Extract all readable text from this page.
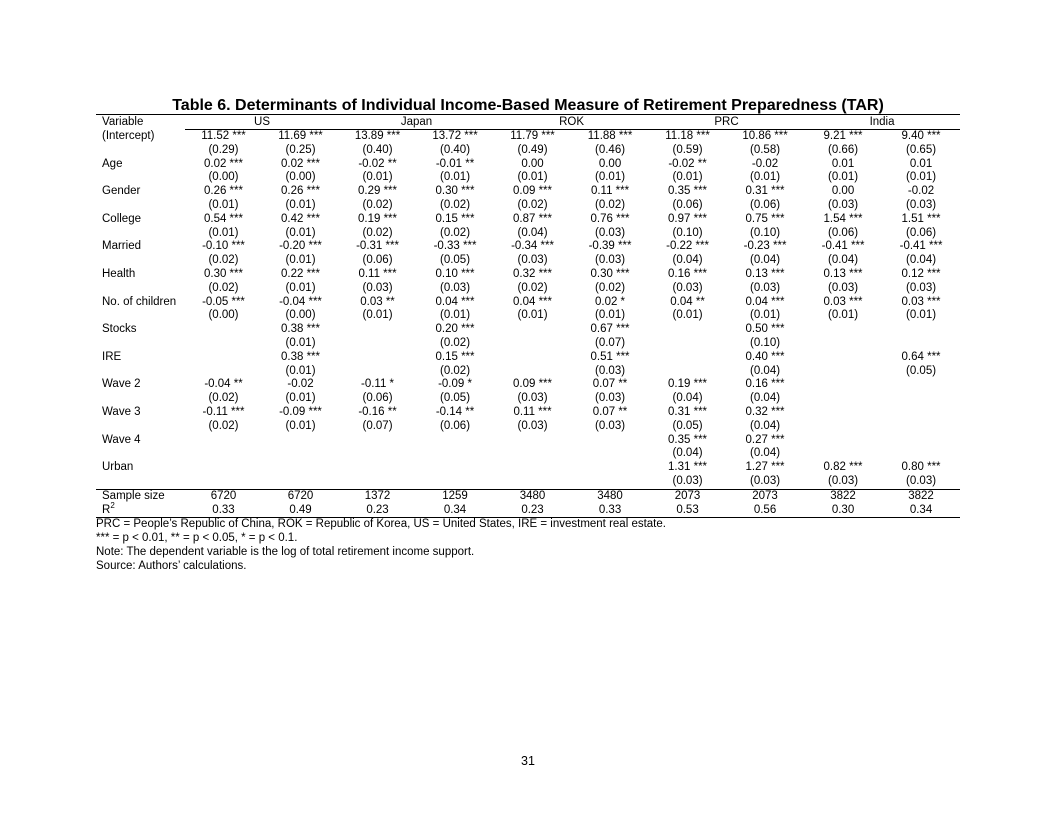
Table 6. Determinants of Individual Income-Based Measure of Retirement Preparedness (TAR)
Variable	US		Japan		ROK		PRC		India	
(Intercept)	11.52 ***	11.69 ***	13.89 ***	13.72 ***	11.79 ***	11.88 ***	11.18 ***	10.86 ***	9.21 ***	9.40 ***
	(0.29)	(0.25)	(0.40)	(0.40)	(0.49)	(0.46)	(0.59)	(0.58)	(0.66)	(0.65)
Age	0.02 ***	0.02 ***	-0.02 **	-0.01 **	0.00	0.00	-0.02 **	-0.02	0.01	0.01
	(0.00)	(0.00)	(0.01)	(0.01)	(0.01)	(0.01)	(0.01)	(0.01)	(0.01)	(0.01)
Gender	0.26 ***	0.26 ***	0.29 ***	0.30 ***	0.09 ***	0.11 ***	0.35 ***	0.31 ***	0.00	-0.02
	(0.01)	(0.01)	(0.02)	(0.02)	(0.02)	(0.02)	(0.06)	(0.06)	(0.03)	(0.03)
College	0.54 ***	0.42 ***	0.19 ***	0.15 ***	0.87 ***	0.76 ***	0.97 ***	0.75 ***	1.54 ***	1.51 ***
	(0.01)	(0.01)	(0.02)	(0.02)	(0.04)	(0.03)	(0.10)	(0.10)	(0.06)	(0.06)
Married	-0.10 ***	-0.20 ***	-0.31 ***	-0.33 ***	-0.34 ***	-0.39 ***	-0.22 ***	-0.23 ***	-0.41 ***	-0.41 ***
	(0.02)	(0.01)	(0.06)	(0.05)	(0.03)	(0.03)	(0.04)	(0.04)	(0.04)	(0.04)
Health	0.30 ***	0.22 ***	0.11 ***	0.10 ***	0.32 ***	0.30 ***	0.16 ***	0.13 ***	0.13 ***	0.12 ***
	(0.02)	(0.01)	(0.03)	(0.03)	(0.02)	(0.02)	(0.03)	(0.03)	(0.03)	(0.03)
No. of children	-0.05 ***	-0.04 ***	0.03 **	0.04 ***	0.04 ***	0.02 *	0.04 **	0.04 ***	0.03 ***	0.03 ***
	(0.00)	(0.00)	(0.01)	(0.01)	(0.01)	(0.01)	(0.01)	(0.01)	(0.01)	(0.01)
Stocks		0.38 ***		0.20 ***		0.67 ***		0.50 ***		
		(0.01)		(0.02)		(0.07)		(0.10)		
IRE		0.38 ***		0.15 ***		0.51 ***		0.40 ***		0.64 ***
		(0.01)		(0.02)		(0.03)		(0.04)		(0.05)
Wave 2	-0.04 **	-0.02	-0.11 *	-0.09 *	0.09 ***	0.07 **	0.19 ***	0.16 ***		
	(0.02)	(0.01)	(0.06)	(0.05)	(0.03)	(0.03)	(0.04)	(0.04)		
Wave 3	-0.11 ***	-0.09 ***	-0.16 **	-0.14 **	0.11 ***	0.07 **	0.31 ***	0.32 ***		
	(0.02)	(0.01)	(0.07)	(0.06)	(0.03)	(0.03)	(0.05)	(0.04)		
Wave 4							0.35 ***	0.27 ***		
							(0.04)	(0.04)		
Urban							1.31 ***	1.27 ***	0.82 ***	0.80 ***
							(0.03)	(0.03)	(0.03)	(0.03)
Sample size	6720	6720	1372	1259	3480	3480	2073	2073	3822	3822
$R^2$	0.33	0.49	0.23	0.34	0.23	0.33	0.53	0.56	0.30	0.34
PRC = People’s Republic of China, ROK = Republic of Korea, US = United States, IRE = investment real estate.
*** = p < 0.01, ** = p < 0.05, * = p < 0.1.
Note: The dependent variable is the log of total retirement income support.
Source: Authors’ calculations.
31
